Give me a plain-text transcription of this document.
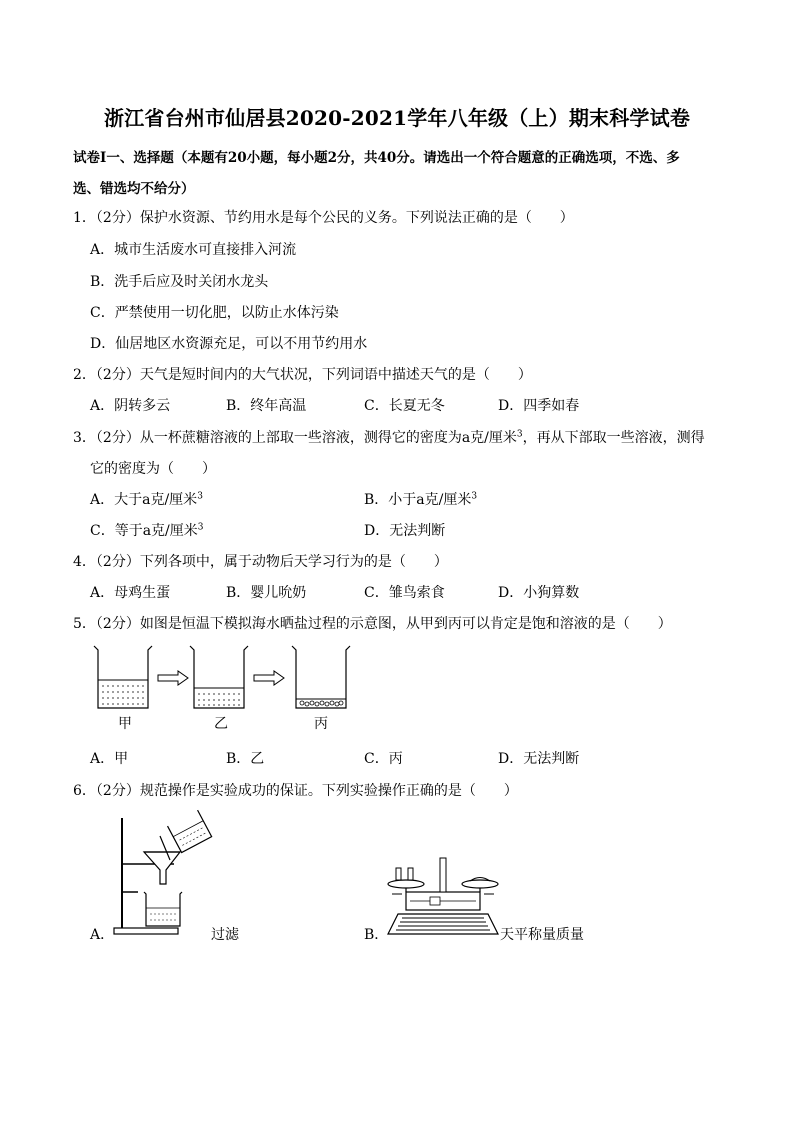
浙江省台州市仙居县2020-2021学年八年级（上）期末科学试卷
试卷Ⅰ一、选择题（本题有20小题，每小题2分，共40分。请选出一个符合题意的正确选项，不选、多
选、错选均不给分）
1．（2分）保护水资源、节约用水是每个公民的义务。下列说法正确的是（　　）
A．城市生活废水可直接排入河流
B．洗手后应及时关闭水龙头
C．严禁使用一切化肥，以防止水体污染
D．仙居地区水资源充足，可以不用节约用水
2．（2分）天气是短时间内的大气状况，下列词语中描述天气的是（　　）
A．阴转多云	B．终年高温	C．长夏无冬	D．四季如春
3．（2分）从一杯蔗糖溶液的上部取一些溶液，测得它的密度为a克/厘米$^3$，再从下部取一些溶液，测得
它的密度为（　　）
A．大于a克/厘米$^3$	B．小于a克/厘米$^3$
C．等于a克/厘米$^3$	D．无法判断
4．（2分）下列各项中，属于动物后天学习行为的是（　　）
A．母鸡生蛋	B．婴儿吮奶	C．雏鸟索食	D．小狗算数
5．（2分）如图是恒温下模拟海水晒盐过程的示意图，从甲到丙可以肯定是饱和溶液的是（　　）
甲	乙	丙
A．甲	B．乙	C．丙	D．无法判断
6．（2分）规范操作是实验成功的保证。下列实验操作正确的是（　　）
A．	过滤	B．	天平称量质量
